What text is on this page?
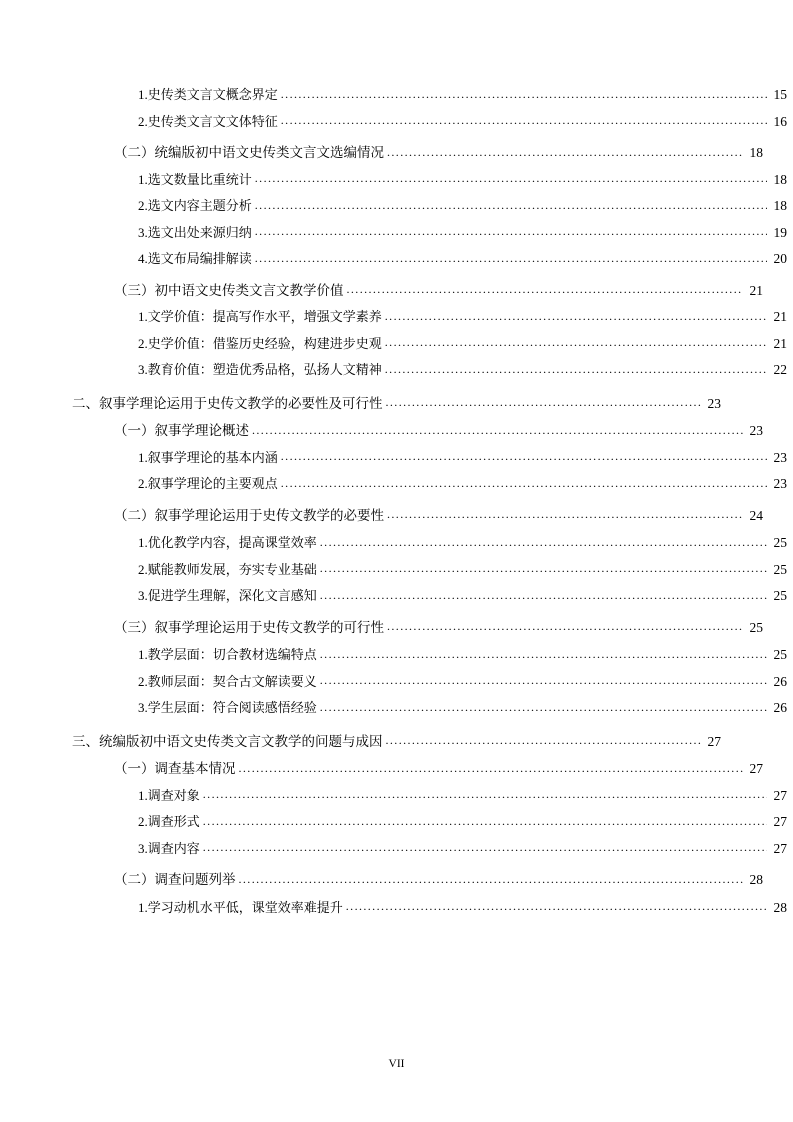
1.史传类文言文概念界定 .....	15
2.史传类文言文文体特征 .....	16
（二）统编版初中语文史传类文言文选编情况 .....	18
1.选文数量比重统计 .....	18
2.选文内容主题分析 .....	18
3.选文出处来源归纳 .....	19
4.选文布局编排解读 .....	20
（三）初中语文史传类文言文教学价值 .....	21
1.文学价值：提高写作水平，增强文学素养 .....	21
2.史学价值：借鉴历史经验，构建进步史观 .....	21
3.教育价值：塑造优秀品格，弘扬人文精神 .....	22
二、叙事学理论运用于史传文教学的必要性及可行性 .....	23
（一）叙事学理论概述 .....	23
1.叙事学理论的基本内涵 .....	23
2.叙事学理论的主要观点 .....	23
（二）叙事学理论运用于史传文教学的必要性 .....	24
1.优化教学内容，提高课堂效率 .....	25
2.赋能教师发展，夯实专业基础 .....	25
3.促进学生理解，深化文言感知 .....	25
（三）叙事学理论运用于史传文教学的可行性 .....	25
1.教学层面：切合教材选编特点 .....	25
2.教师层面：契合古文解读要义 .....	26
3.学生层面：符合阅读感悟经验 .....	26
三、统编版初中语文史传类文言文教学的问题与成因 .....	27
（一）调查基本情况 .....	27
1.调查对象 .....	27
2.调查形式 .....	27
3.调查内容 .....	27
（二）调查问题列举 .....	28
1.学习动机水平低，课堂效率难提升 .....	28
VII
